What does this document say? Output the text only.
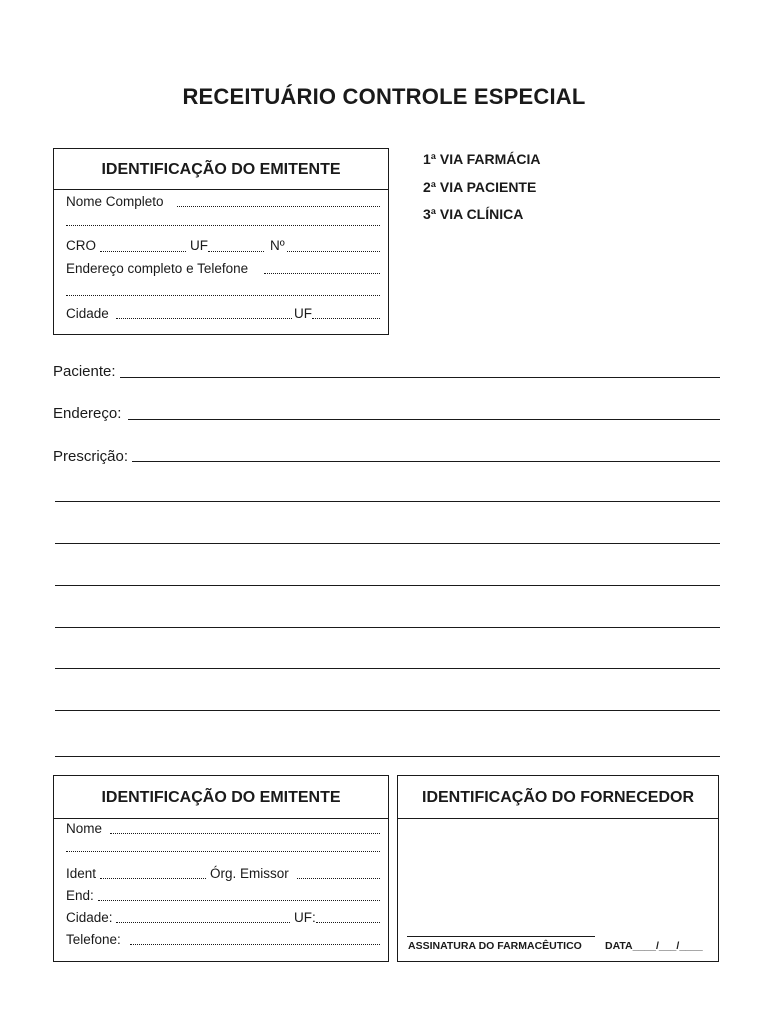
RECEITUÁRIO CONTROLE ESPECIAL
IDENTIFICAÇÃO DO EMITENTE
Nome Completo
CRO	UF	Nº
Endereço completo e Telefone
Cidade	UF
1ª VIA FARMÁCIA
2ª VIA PACIENTE
3ª VIA CLÍNICA
Paciente:
Endereço:
Prescrição:
IDENTIFICAÇÃO DO EMITENTE
Nome
Ident	Órg. Emissor
End:
Cidade:	UF:
Telefone:
IDENTIFICAÇÃO DO FORNECEDOR
ASSINATURA DO FARMACÊUTICO DATA____/___/____
